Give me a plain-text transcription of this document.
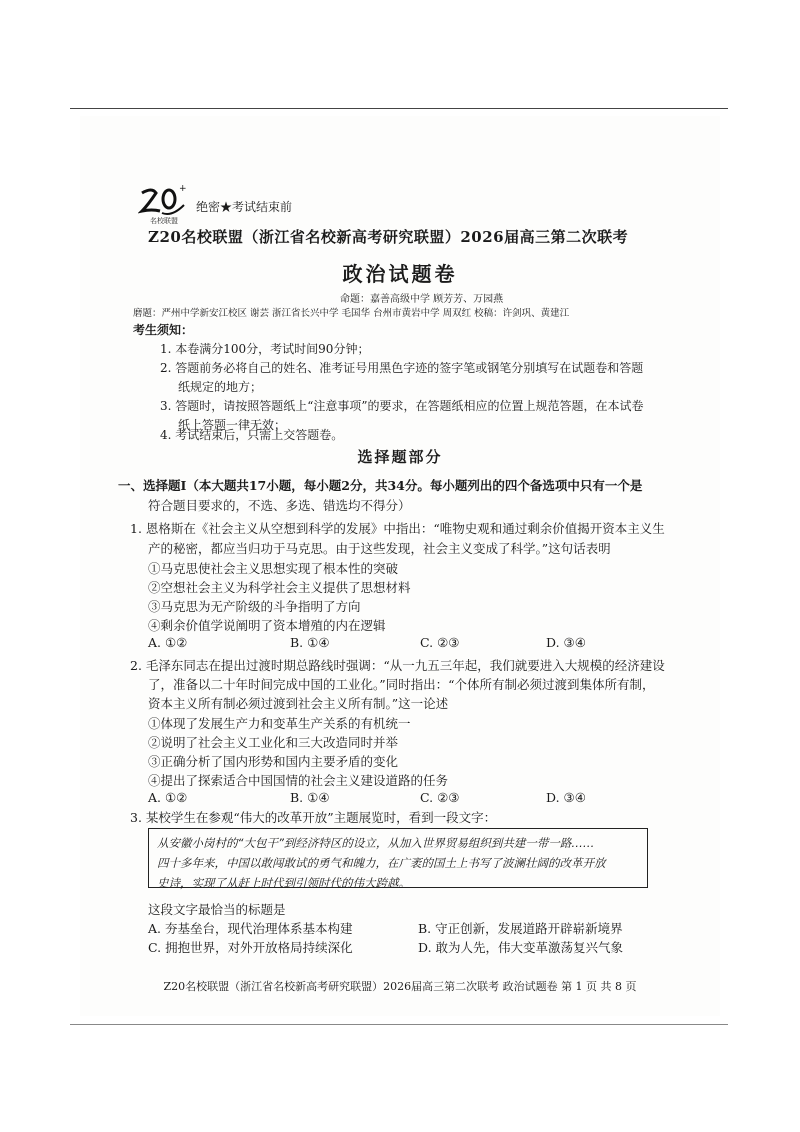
+
名校联盟
绝密★考试结束前
Z20名校联盟（浙江省名校新高考研究联盟）2026届高三第二次联考
政治试题卷
命题：嘉善高级中学 顾芳芳、万园燕
磨题：严州中学新安江校区 谢芸 浙江省长兴中学 毛国华 台州市黄岩中学 周双红 校稿：许剑巩、黄建江
考生须知：
1. 本卷满分100分，考试时间90分钟；
2. 答题前务必将自己的姓名、准考证号用黑色字迹的签字笔或钢笔分别填写在试题卷和答题
纸规定的地方；
3. 答题时，请按照答题纸上“注意事项”的要求，在答题纸相应的位置上规范答题，在本试卷
纸上答题一律无效；
4. 考试结束后，只需上交答题卷。
选择题部分
一、选择题Ⅰ（本大题共17小题，每小题2分，共34分。每小题列出的四个备选项中只有一个是
符合题目要求的，不选、多选、错选均不得分）
1. 恩格斯在《社会主义从空想到科学的发展》中指出：“唯物史观和通过剩余价值揭开资本主义生
产的秘密，都应当归功于马克思。由于这些发现，社会主义变成了科学。”这句话表明
①马克思使社会主义思想实现了根本性的突破
②空想社会主义为科学社会主义提供了思想材料
③马克思为无产阶级的斗争指明了方向
④剩余价值学说阐明了资本增殖的内在逻辑
A. ①②	B. ①④	C. ②③	D. ③④
2. 毛泽东同志在提出过渡时期总路线时强调：“从一九五三年起，我们就要进入大规模的经济建设
了，准备以二十年时间完成中国的工业化。”同时指出：“个体所有制必须过渡到集体所有制，
资本主义所有制必须过渡到社会主义所有制。”这一论述
①体现了发展生产力和变革生产关系的有机统一
②说明了社会主义工业化和三大改造同时并举
③正确分析了国内形势和国内主要矛盾的变化
④提出了探索适合中国国情的社会主义建设道路的任务
A. ①②	B. ①④	C. ②③	D. ③④
3. 某校学生在参观“伟大的改革开放”主题展览时，看到一段文字：
从安徽小岗村的“大包干”到经济特区的设立，从加入世界贸易组织到共建一带一路……
四十多年来，中国以敢闯敢试的勇气和魄力，在广袤的国土上书写了波澜壮阔的改革开放
史诗，实现了从赶上时代到引领时代的伟大跨越。
这段文字最恰当的标题是
A. 夯基垒台，现代治理体系基本构建	B. 守正创新，发展道路开辟崭新境界
C. 拥抱世界，对外开放格局持续深化	D. 敢为人先，伟大变革激荡复兴气象
Z20名校联盟（浙江省名校新高考研究联盟）2026届高三第二次联考 政治试题卷 第 1 页 共 8 页
